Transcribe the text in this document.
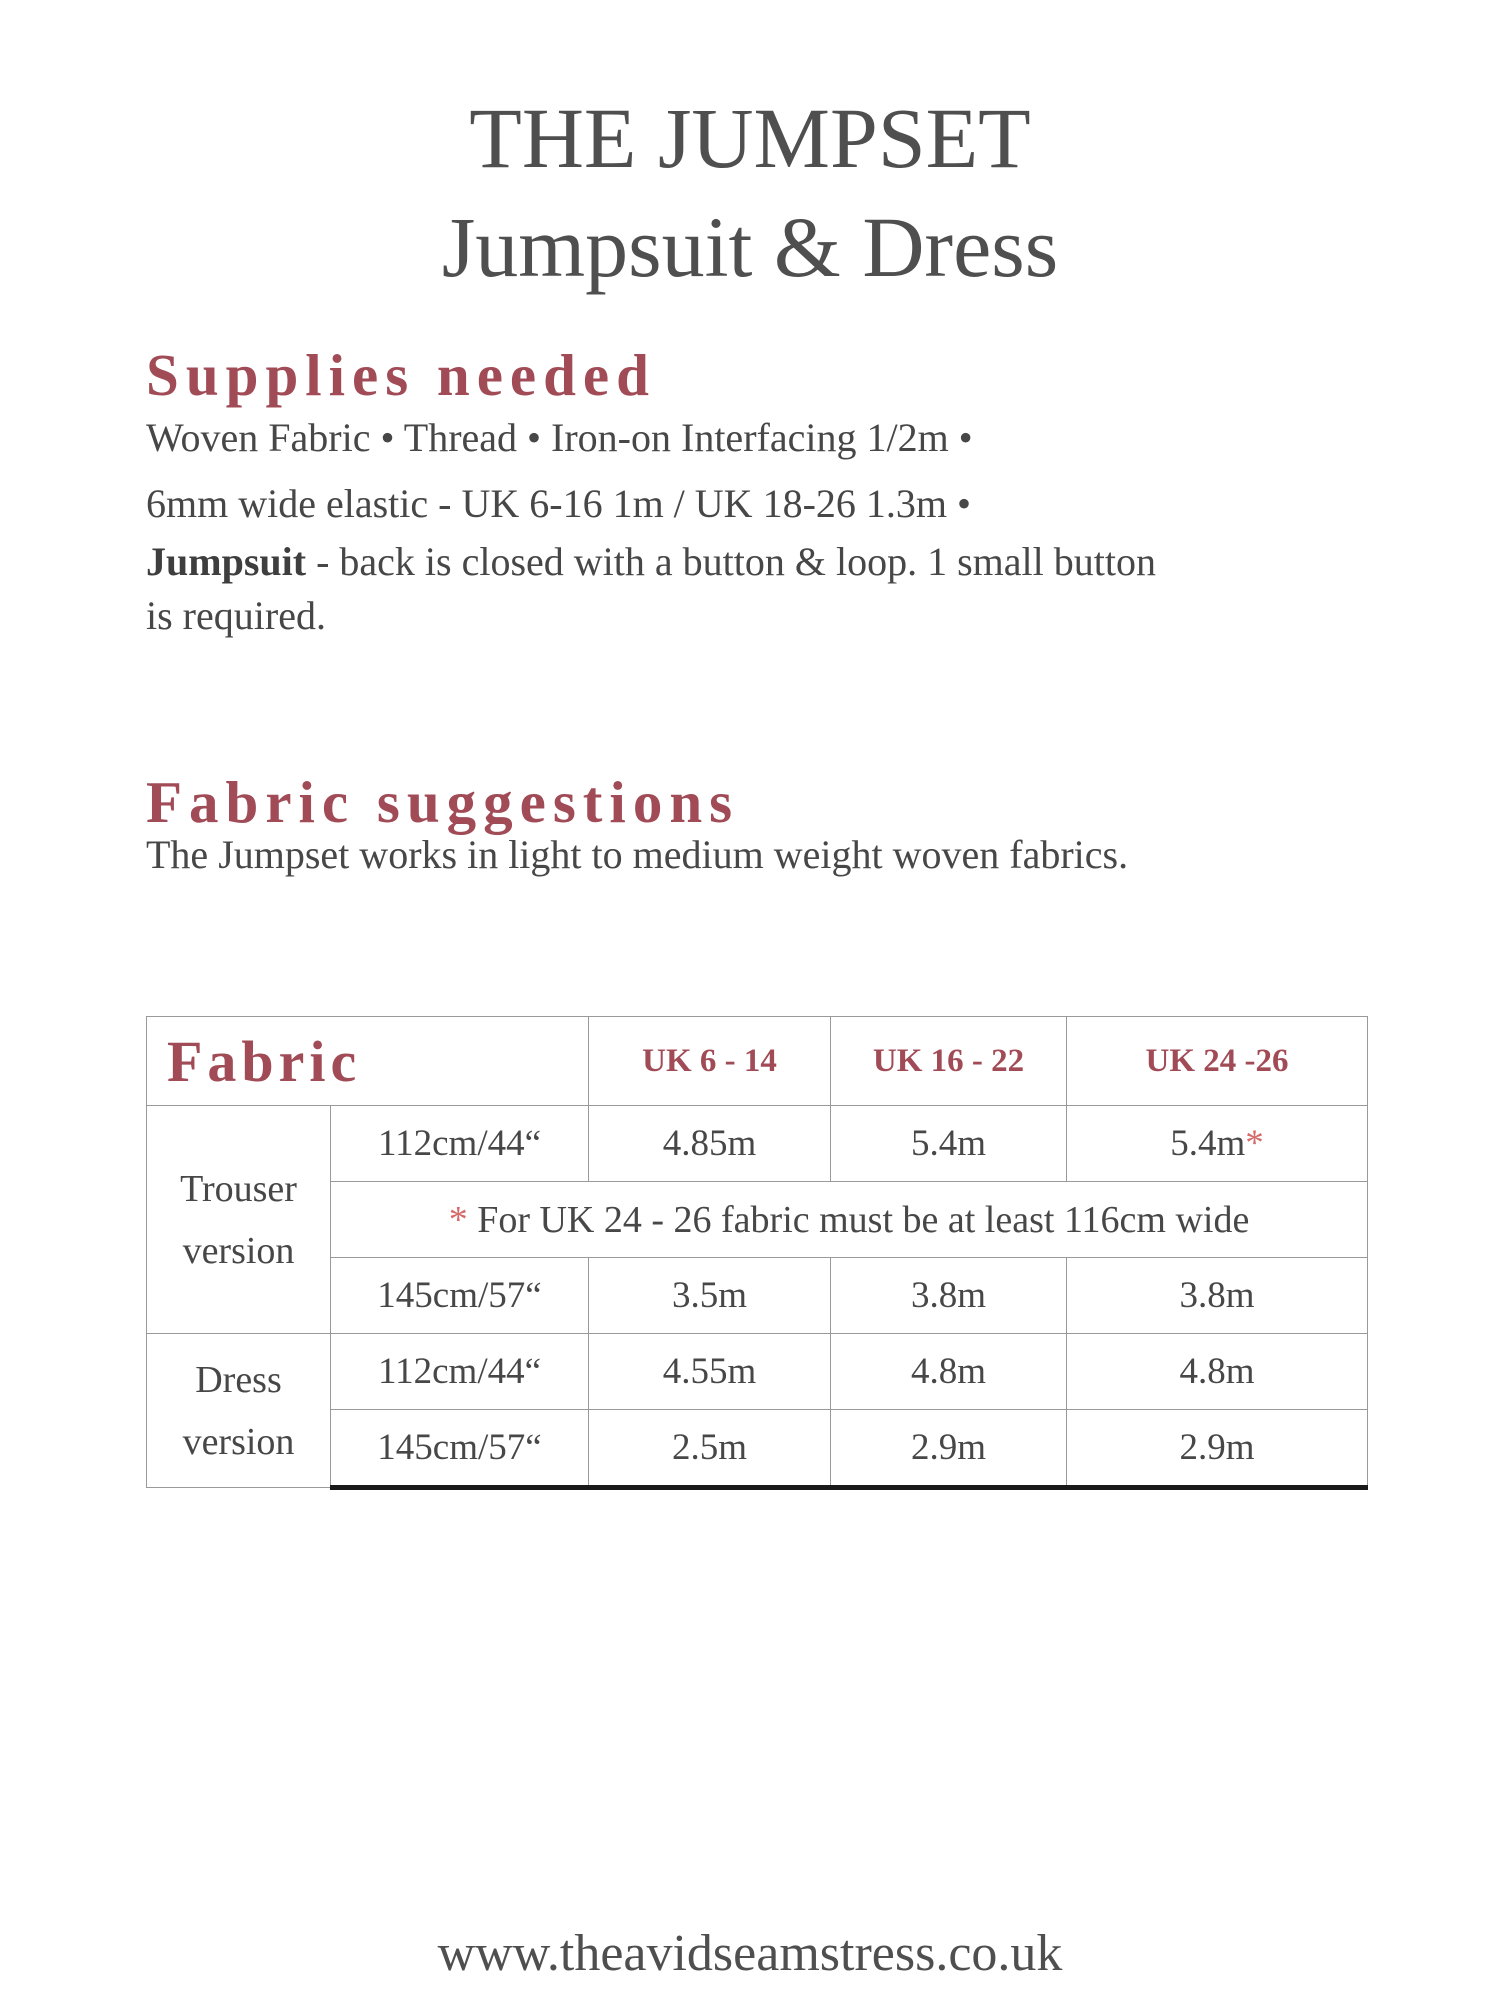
THE JUMPSET
Jumpsuit & Dress
Supplies needed

Woven Fabric • Thread • Iron-on Interfacing 1/2m •

6mm wide elastic - UK 6-16 1m / UK 18-26 1.3m •

Jumpsuit - back is closed with a button & loop. 1 small button

is required.

Fabric suggestions

The Jumpset works in light to medium weight woven fabrics.

Fabric		UK 6 - 14	UK 16 - 22	UK 24 -26
Trouser
version	112cm/44“	4.85m	5.4m	5.4m*
	* For UK 24 - 26 fabric must be at least 116cm wide			
	145cm/57“	3.5m	3.8m	3.8m
Dress
version	112cm/44“	4.55m	4.8m	4.8m
	145cm/57“	2.5m	2.9m	2.9m

www.theavidseamstress.co.uk
